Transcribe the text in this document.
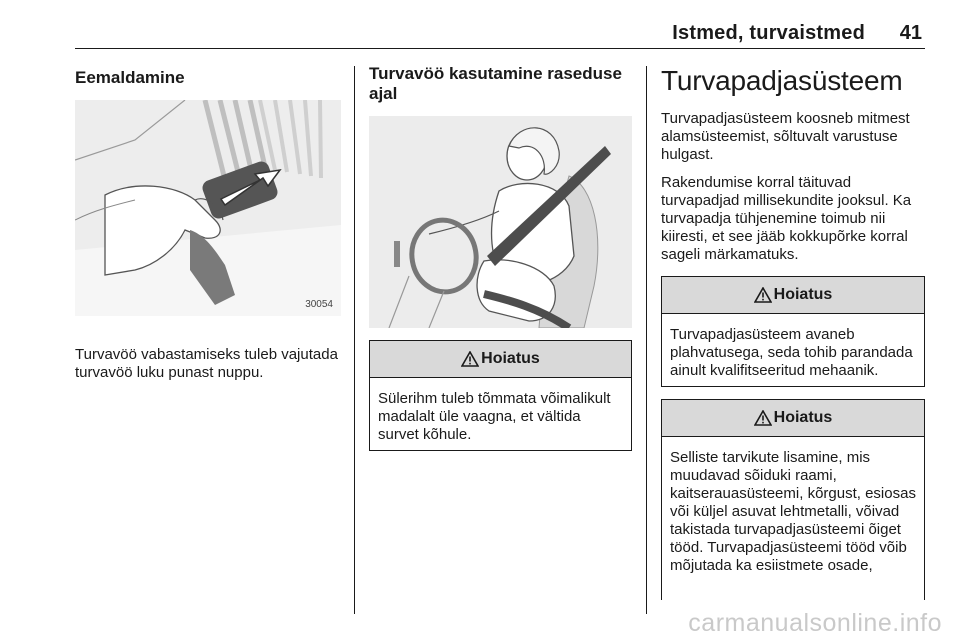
Istmed, turvaistmed 41
Eemaldamine
30054

Turvavöö vabastamiseks tuleb vajutada turvavöö luku punast nuppu.

Turvavöö kasutamine raseduse ajal
Hoiatus
Sülerihm tuleb tõmmata võimalikult madalalt üle vaagna, et vältida survet kõhule.
Turvapadjasüsteem

Turvapadjasüsteem koosneb mitmest alamsüsteemist, sõltuvalt varustuse hulgast.

Rakendumise korral täituvad turvapadjad millisekundite jooksul. Ka turvapadja tühjenemine toimub nii kiiresti, et see jääb kokkupõrke korral sageli märkamatuks.

Hoiatus
Turvapadjasüsteem avaneb plahvatusega, seda tohib parandada ainult kvalifitseeritud mehaanik.
Hoiatus
Selliste tarvikute lisamine, mis muudavad sõiduki raami, kaitserauasüsteemi, kõrgust, esiosas või küljel asuvat lehtmetalli, võivad takistada turvapadjasüsteemi õiget tööd. Turvapadjasüsteemi tööd võib mõjutada ka esiistmete osade,
carmanualsonline.info
